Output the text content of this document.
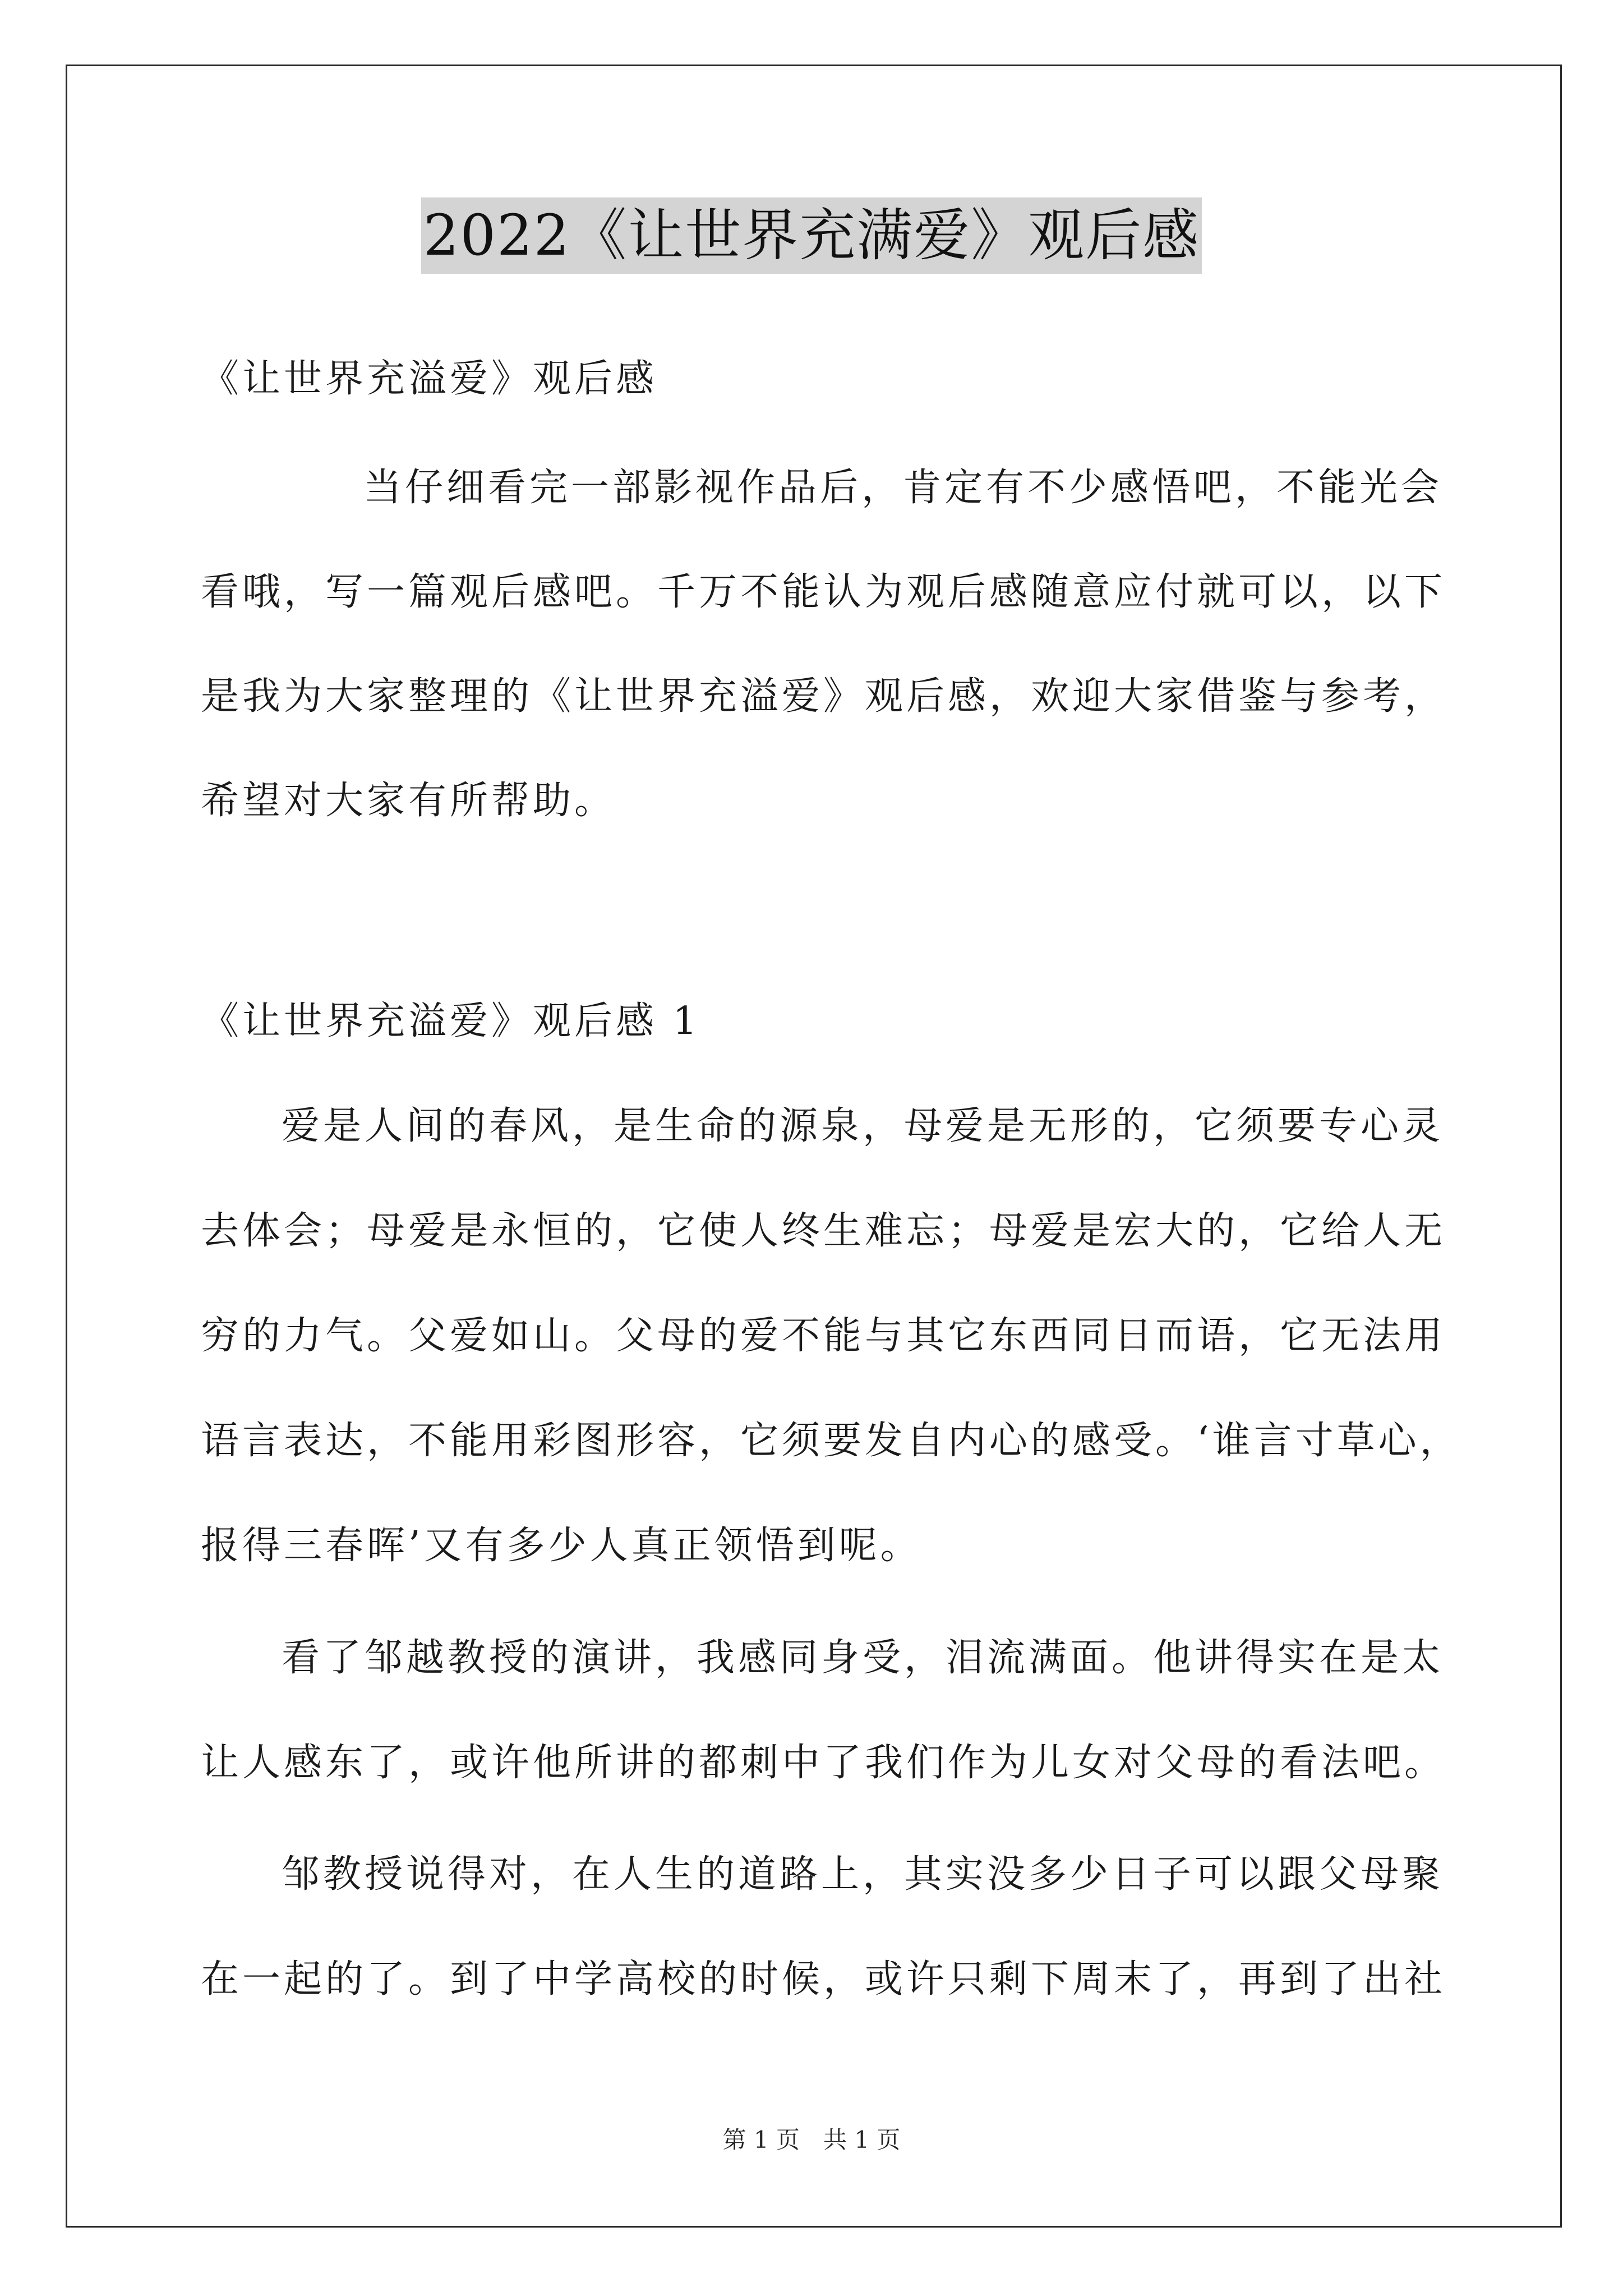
2022《让世界充满爱》观后感
《让世界充溢爱》观后感
当仔细看完一部影视作品后，肯定有不少感悟吧，不能光会
看哦，写一篇观后感吧。千万不能认为观后感随意应付就可以，以下
是我为大家整理的《让世界充溢爱》观后感，欢迎大家借鉴与参考，
希望对大家有所帮助。
《让世界充溢爱》观后感 1
爱是人间的春风，是生命的源泉，母爱是无形的，它须要专心灵
去体会；母爱是永恒的，它使人终生难忘；母爱是宏大的，它给人无
穷的力气。父爱如山。父母的爱不能与其它东西同日而语，它无法用
语言表达，不能用彩图形容，它须要发自内心的感受。‘谁言寸草心，
报得三春晖’又有多少人真正领悟到呢。
看了邹越教授的演讲，我感同身受，泪流满面。他讲得实在是太
让人感东了，或许他所讲的都刺中了我们作为儿女对父母的看法吧。
邹教授说得对，在人生的道路上，其实没多少日子可以跟父母聚
在一起的了。到了中学高校的时候，或许只剩下周末了，再到了出社
第 1 页　共 1 页
